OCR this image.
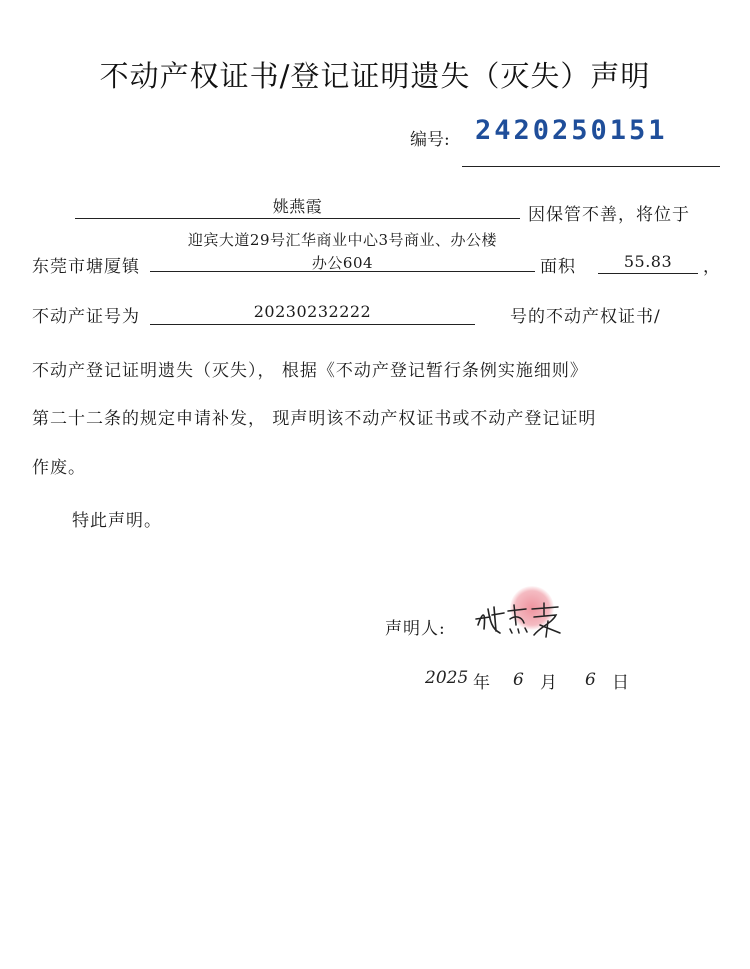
不动产权证书/登记证明遗失（灭失）声明
编号: 2420250151
姚燕霞	因保管不善，将位于
东莞市塘厦镇
迎宾大道29号汇华商业中心3号商业、办公楼
办公604	面积	55.83	，
不动产证号为	20230232222	号的不动产权证书/
不动产登记证明遗失（灭失）， 根据《不动产登记暂行条例实施细则》
第二十二条的规定申请补发， 现声明该不动产权证书或不动产登记证明
作废。
特此声明。
声明人:
2025 年 6 月 6 日
